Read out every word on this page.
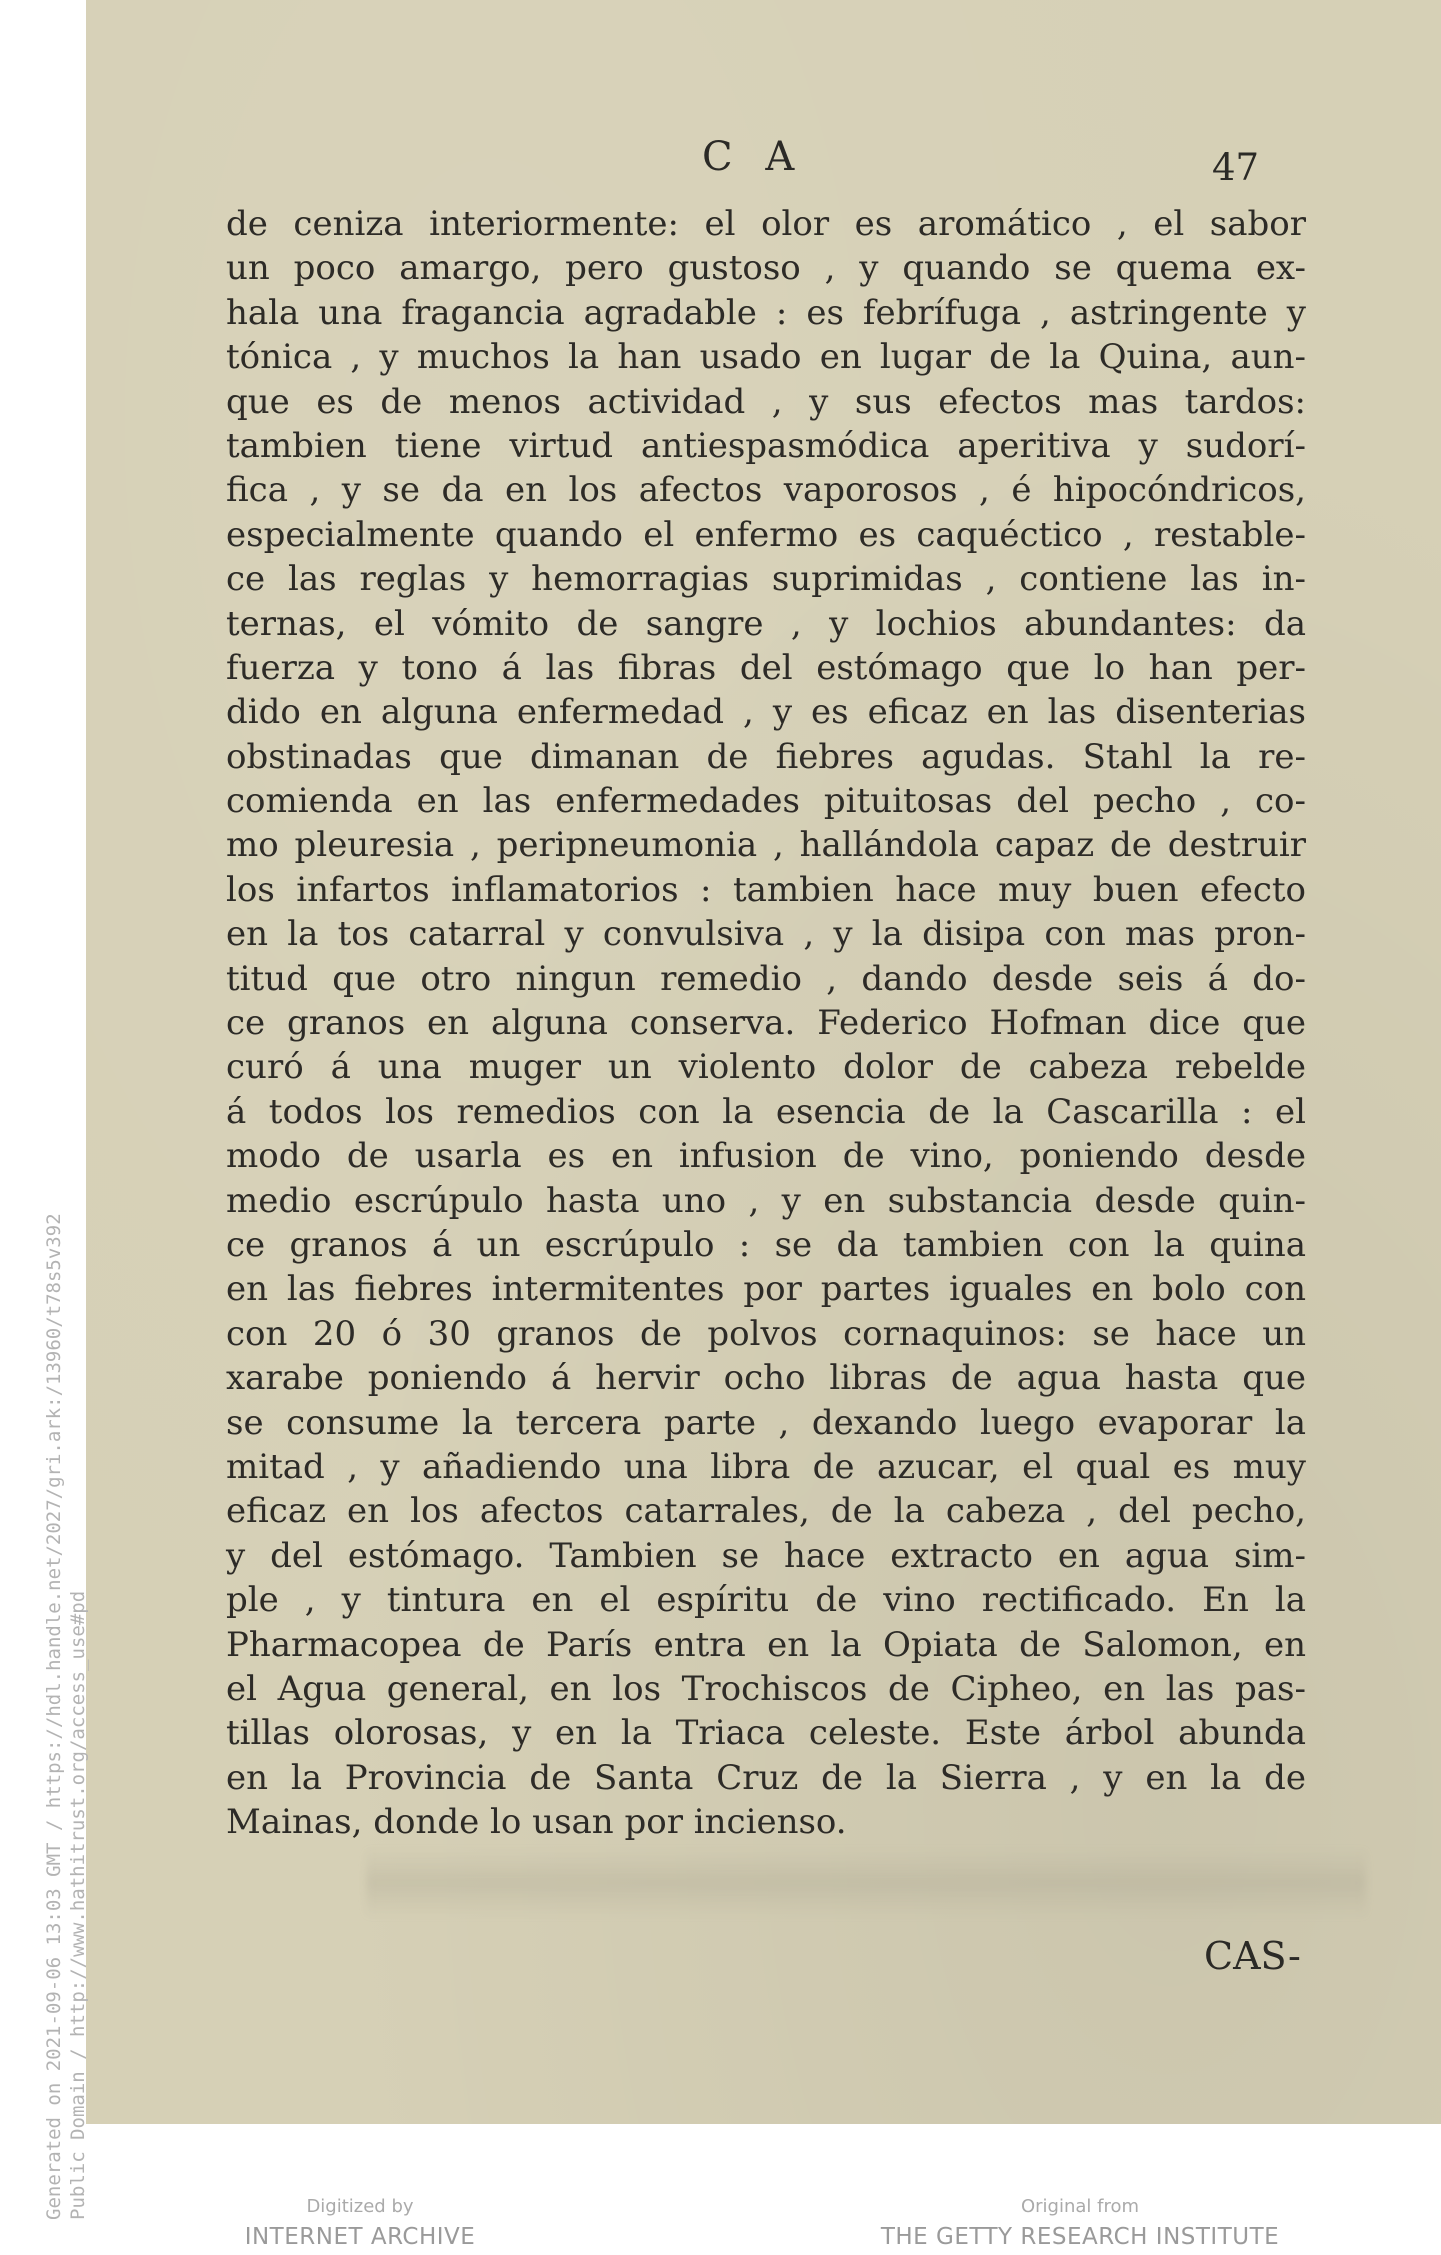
C A	47
de ceniza interiormente: el olor es aromático , el sabor
un poco amargo, pero gustoso , y quando se quema ex-
hala una fragancia agradable : es febrífuga , astringente y
tónica , y muchos la han usado en lugar de la Quina, aun-
que es de menos actividad , y sus efectos mas tardos:
tambien tiene virtud antiespasmódica aperitiva y sudorí-
fica , y se da en los afectos vaporosos , é hipocóndricos,
especialmente quando el enfermo es caquéctico , restable-
ce las reglas y hemorragias suprimidas , contiene las in-
ternas, el vómito de sangre , y lochios abundantes: da
fuerza y tono á las fibras del estómago que lo han per-
dido en alguna enfermedad , y es eficaz en las disenterias
obstinadas que dimanan de fiebres agudas. Stahl la re-
comienda en las enfermedades pituitosas del pecho , co-
mo pleuresia , peripneumonia , hallándola capaz de destruir
los infartos inflamatorios : tambien hace muy buen efecto
en la tos catarral y convulsiva , y la disipa con mas pron-
titud que otro ningun remedio , dando desde seis á do-
ce granos en alguna conserva. Federico Hofman dice que
curó á una muger un violento dolor de cabeza rebelde
á todos los remedios con la esencia de la Cascarilla : el
modo de usarla es en infusion de vino, poniendo desde
medio escrúpulo hasta uno , y en substancia desde quin-
ce granos á un escrúpulo : se da tambien con la quina
en las fiebres intermitentes por partes iguales en bolo con
con 20 ó 30 granos de polvos cornaquinos: se hace un
xarabe poniendo á hervir ocho libras de agua hasta que
se consume la tercera parte , dexando luego evaporar la
mitad , y añadiendo una libra de azucar, el qual es muy
eficaz en los afectos catarrales, de la cabeza , del pecho,
y del estómago. Tambien se hace extracto en agua sim-
ple , y tintura en el espíritu de vino rectificado. En la
Pharmacopea de París entra en la Opiata de Salomon, en
el Agua general, en los Trochiscos de Cipheo, en las pas-
tillas olorosas, y en la Triaca celeste. Este árbol abunda
en la Provincia de Santa Cruz de la Sierra , y en la de
Mainas, donde lo usan por incienso.
CAS-
Generated on 2021-09-06 13:03 GMT / https://hdl.handle.net/2027/gri.ark:/13960/t78s5v392 Public Domain / http://www.hathitrust.org/access_use#pd	Digitized by
INTERNET ARCHIVE
Original from
THE GETTY RESEARCH INSTITUTE
